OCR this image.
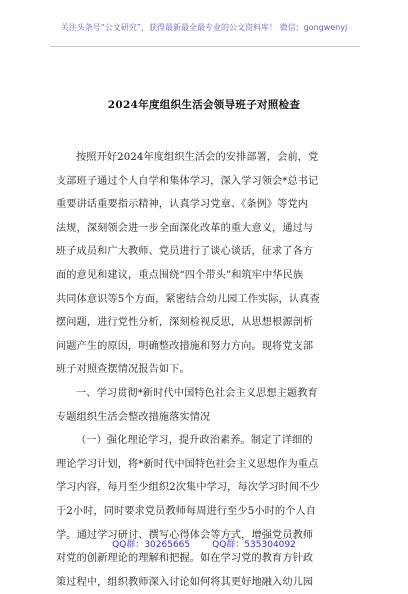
关注头条号“公文研究”，获得最新最全最专业的公文资料库！ 微信：gongwenyj
2024年度组织生活会领导班子对照检查
按照开好2024年度组织生活会的安排部署，会前，党
支部班子通过个人自学和集体学习，深入学习领会*总书记
重要讲话重要指示精神，认真学习党章、《条例》等党内
法规，深刻领会进一步全面深化改革的重大意义，通过与
班子成员和广大教师、党员进行了谈心谈话，征求了各方
面的意见和建议，重点围绕“四个带头”和筑牢中华民族
共同体意识等5个方面，紧密结合幼儿园工作实际，认真查
摆问题，进行党性分析，深刻检视反思，从思想根源剖析
问题产生的原因，明确整改措施和努力方向。现将党支部
班子对照查摆情况报告如下。
一、学习贯彻*新时代中国特色社会主义思想主题教育
专题组织生活会整改措施落实情况
（一）强化理论学习，提升政治素养。制定了详细的
理论学习计划，将*新时代中国特色社会主义思想作为重点
学习内容，每月至少组织2次集中学习，每次学习时间不少
于2小时，同时要求党员教师每周进行至少5小时的个人自
学。通过学习研讨、撰写心得体会等方式，增强党员教师
对党的创新理论的理解和把握。如在学习党的教育方针政
策过程中，组织教师深入讨论如何将其更好地融入幼儿园
QQ群：30265665 QQ群：535304092
